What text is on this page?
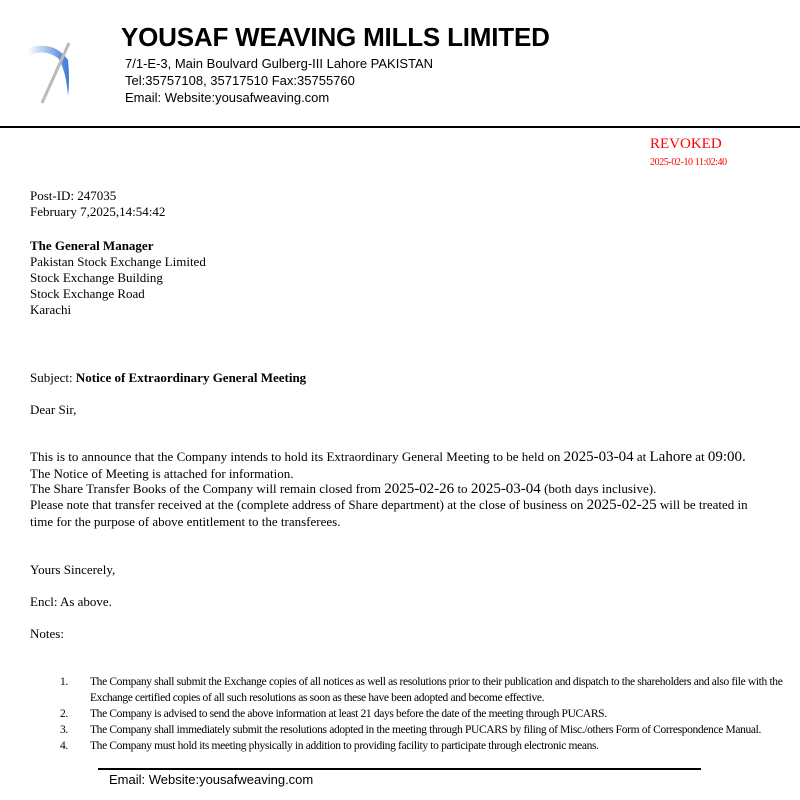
YOUSAF WEAVING MILLS LIMITED
7/1-E-3, Main Boulvard Gulberg-III Lahore PAKISTAN
Tel:35757108, 35717510 Fax:35755760
Email: Website:yousafweaving.com
REVOKED
2025-02-10 11:02:40
Post-ID: 247035
February 7,2025,14:54:42
The General Manager
Pakistan Stock Exchange Limited
Stock Exchange Building
Stock Exchange Road
Karachi
Subject: Notice of Extraordinary General Meeting
Dear Sir,
This is to announce that the Company intends to hold its Extraordinary General Meeting to be held on 2025-03-04 at Lahore at 09:00.
The Notice of Meeting is attached for information.
The Share Transfer Books of the Company will remain closed from 2025-02-26 to 2025-03-04 (both days inclusive).
Please note that transfer received at the (complete address of Share department) at the close of business on 2025-02-25 will be treated in
time for the purpose of above entitlement to the transferees.
Yours Sincerely,
Encl: As above.
Notes:
1.	The Company shall submit the Exchange copies of all notices as well as resolutions prior to their publication and dispatch to the shareholders and also file with the Exchange certified copies of all such resolutions as soon as these have been adopted and become effective.
2.	The Company is advised to send the above information at least 21 days before the date of the meeting through PUCARS.
3.	The Company shall immediately submit the resolutions adopted in the meeting through PUCARS by filing of Misc./others Form of Correspondence Manual.
4.	The Company must hold its meeting physically in addition to providing facility to participate through electronic means.
Email: Website:yousafweaving.com
